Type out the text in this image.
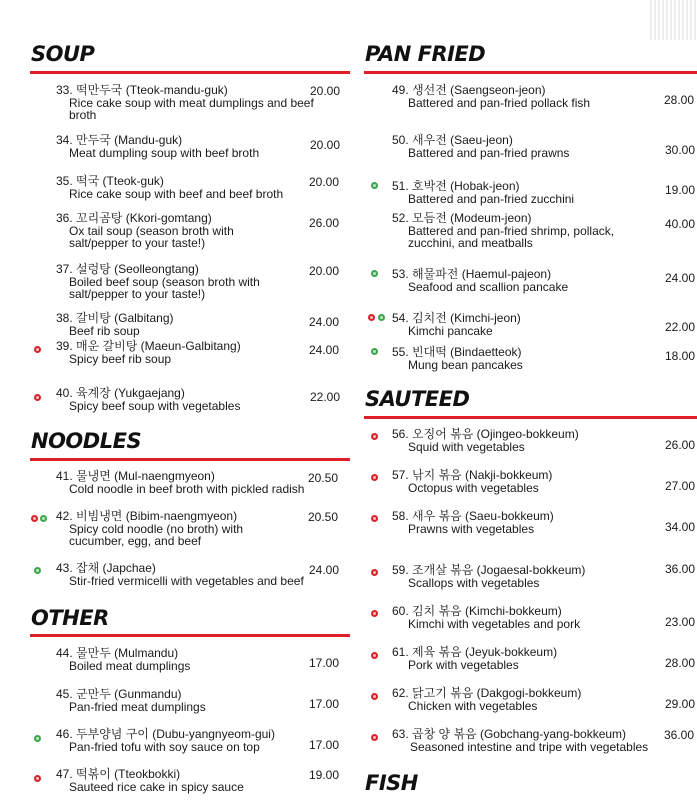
SOUP
33. 떡만두국 (Tteok-mandu-guk)
Rice cake soup with meat dumplings and beef broth
20.00
34. 만두국 (Mandu-guk)
Meat dumpling soup with beef broth
20.00
35. 떡국 (Tteok-guk)
Rice cake soup with beef and beef broth
20.00
36. 꼬리곰탕 (Kkori-gomtang)
Ox tail soup (season broth with salt/pepper to your taste!)
26.00
37. 설렁탕 (Seolleongtang)
Boiled beef soup (season broth with salt/pepper to your taste!)
20.00
38. 갈비탕 (Galbitang)
Beef rib soup
24.00
39. 매운 갈비탕 (Maeun-Galbitang)
Spicy beef rib soup
24.00
40. 육계장 (Yukgaejang)
Spicy beef soup with vegetables
22.00
NOODLES
41. 물냉면 (Mul-naengmyeon)
Cold noodle in beef broth with pickled radish
20.50
42. 비빔냉면 (Bibim-naengmyeon)
Spicy cold noodle (no broth) with cucumber, egg, and beef
20.50
43. 잡채 (Japchae)
Stir-fried vermicelli with vegetables and beef
24.00
OTHER
44. 물만두 (Mulmandu)
Boiled meat dumplings	17.00
45. 군만두 (Gunmandu)
Pan-fried meat dumplings	17.00
46. 두부양념 구이 (Dubu-yangnyeom-gui)
Pan-fried tofu with soy sauce on top	17.00
47. 떡볶이 (Tteokbokki)
Sauteed rice cake in spicy sauce
19.00
PAN FRIED
49. 생선전 (Saengseon-jeon)
Battered and pan-fried pollack fish	28.00
50. 새우전 (Saeu-jeon)
Battered and pan-fried prawns	30.00
51. 호박전 (Hobak-jeon)
Battered and pan-fried zucchini
19.00
52. 모듬전 (Modeum-jeon)
Battered and pan-fried shrimp, pollack, zucchini, and meatballs
40.00
53. 해물파전 (Haemul-pajeon)
Seafood and scallion pancake
24.00
54. 김치전 (Kimchi-jeon)
Kimchi pancake	22.00
55. 빈대떡 (Bindaetteok)
Mung bean pancakes
18.00
SAUTEED
56. 오징어 볶음 (Ojingeo-bokkeum)
Squid with vegetables	26.00
57. 낚지 볶음 (Nakji-bokkeum)
Octopus with vegetables	27.00
58. 새우 볶음 (Saeu-bokkeum)
Prawns with vegetables	34.00
59. 조개살 볶음 (Jogaesal-bokkeum)
Scallops with vegetables
36.00
60. 김치 볶음 (Kimchi-bokkeum)
Kimchi with vegetables and pork	23.00
61. 제육 볶음 (Jeyuk-bokkeum)
Pork with vegetables	28.00
62. 닭고기 볶음 (Dakgogi-bokkeum)
Chicken with vegetables	29.00
63. 곱창 양 볶음 (Gobchang-yang-bokkeum)
Seasoned intestine and tripe with vegetables
36.00
FISH
